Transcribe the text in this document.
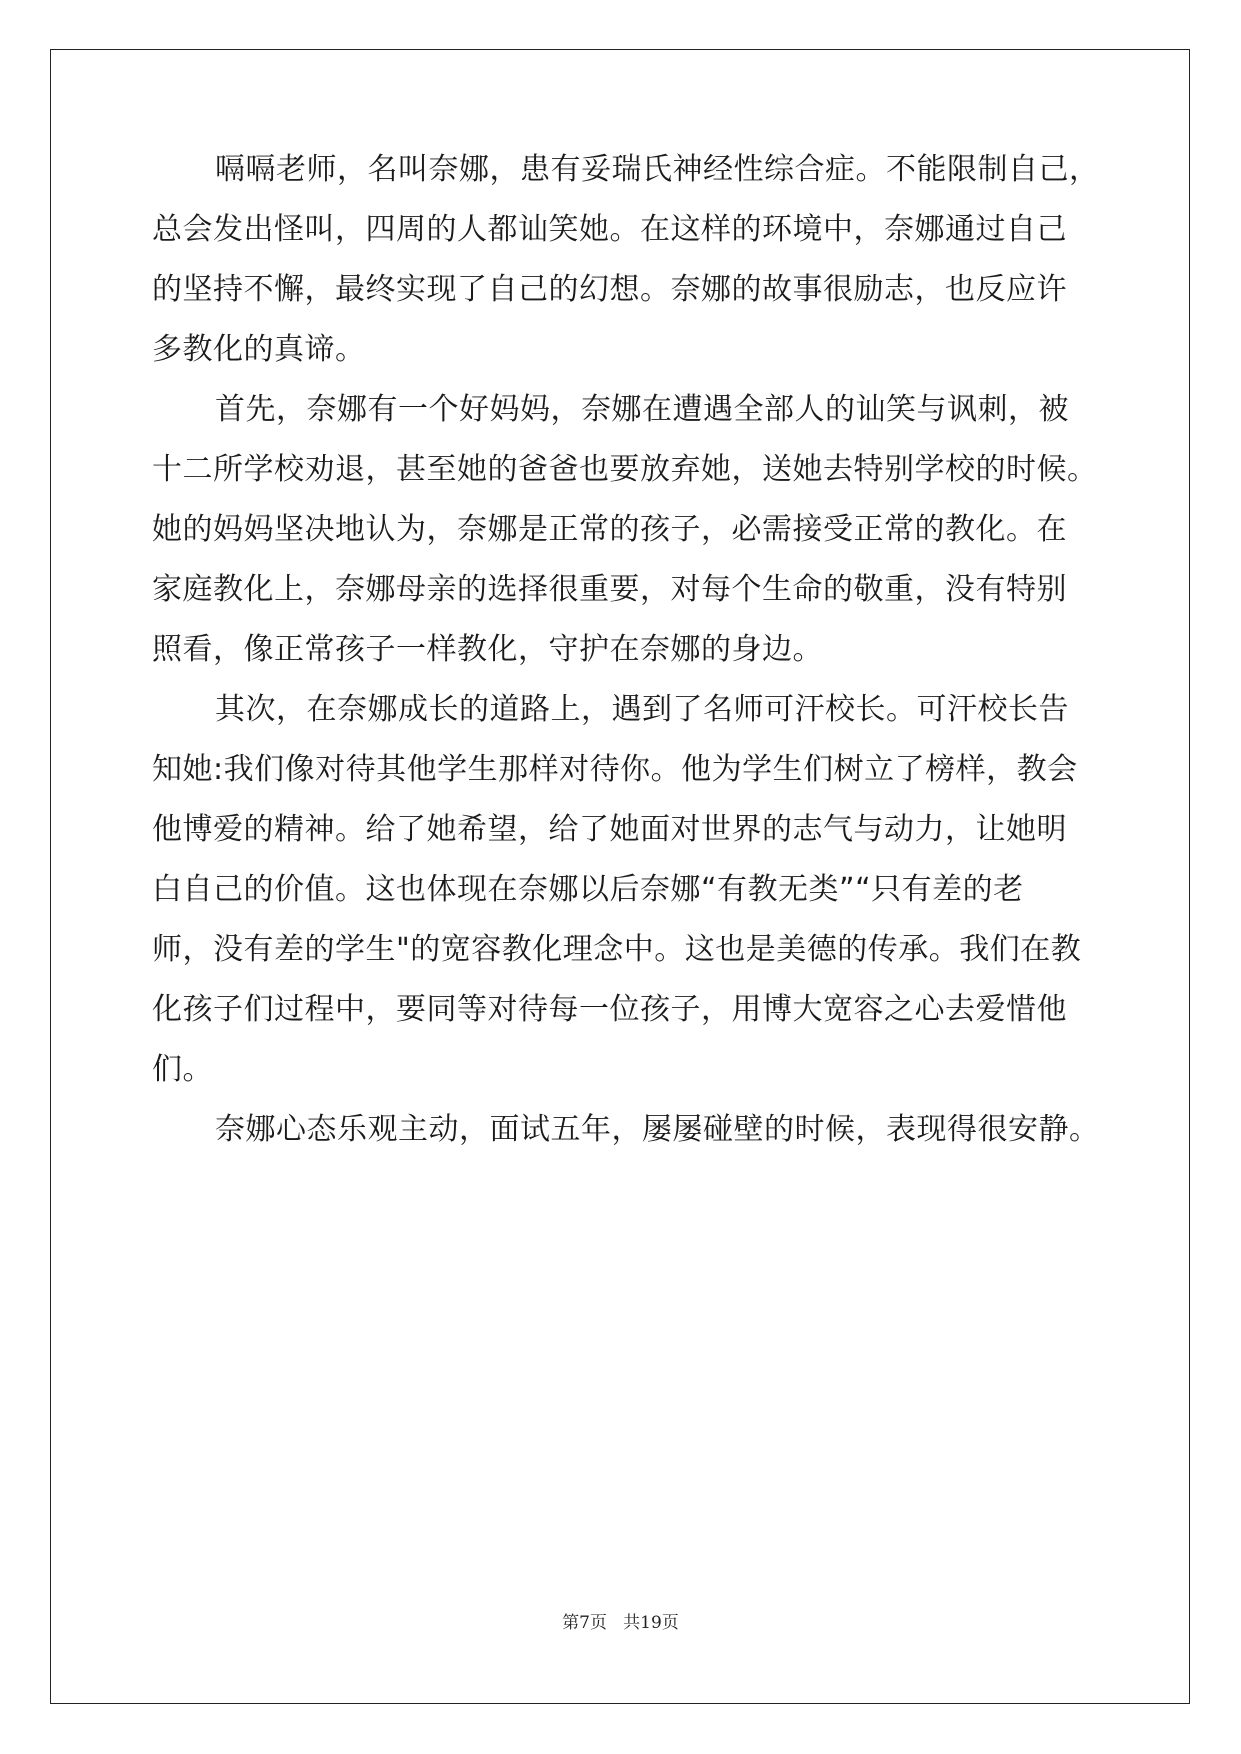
嗝嗝老师，名叫奈娜，患有妥瑞氏神经性综合症。不能限制自己，
总会发出怪叫，四周的人都讪笑她。在这样的环境中，奈娜通过自己
的坚持不懈，最终实现了自己的幻想。奈娜的故事很励志，也反应许
多教化的真谛。
首先，奈娜有一个好妈妈，奈娜在遭遇全部人的讪笑与讽刺，被
十二所学校劝退，甚至她的爸爸也要放弃她，送她去特别学校的时候。
她的妈妈坚决地认为，奈娜是正常的孩子，必需接受正常的教化。在
家庭教化上，奈娜母亲的选择很重要，对每个生命的敬重，没有特别
照看，像正常孩子一样教化，守护在奈娜的身边。
其次，在奈娜成长的道路上，遇到了名师可汗校长。可汗校长告
知她:我们像对待其他学生那样对待你。他为学生们树立了榜样，教会
他博爱的精神。给了她希望，给了她面对世界的志气与动力，让她明
白自己的价值。这也体现在奈娜以后奈娜“有教无类”“只有差的老
师，没有差的学生"的宽容教化理念中。这也是美德的传承。我们在教
化孩子们过程中，要同等对待每一位孩子，用博大宽容之心去爱惜他
们。
奈娜心态乐观主动，面试五年，屡屡碰壁的时候，表现得很安静。
第7页   共19页
